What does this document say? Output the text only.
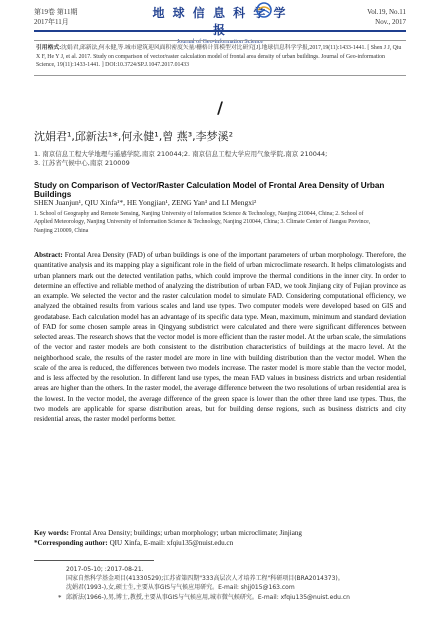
第19卷 第11期
2017年11月
地 球 信 息 科 学 学
Journal of Geo-information Science
Vol.19, No.11
Nov., 2017
引用格式:沈娟君,邱新法,何永健,等.城市建筑迎风面积密度矢量/栅格计算模型对比研究[J].地球信息科学学报,2017,19(11):1433-1441. [ Shen J J, Qiu X F, He Y J, et al. 2017. Study on comparison of vector/raster calculation model of frontal area density of urban buildings. Journal of Geo-information Science, 19(11):1433-1441. ] DOI:10.3724/SP.J.1047.2017.01433
/
沈娟君¹,邱新法¹*,何永健¹,曾 燕³,李梦溪²
1. 南京信息工程大学地理与遥感学院,南京 210044;2. 南京信息工程大学应用气象学院,南京 210044;
3. 江苏省气候中心,南京 210009
Study on Comparison of Vector/Raster Calculation Model of Frontal Area Density of Urban Buildings
SHEN Juanjun¹, QIU Xinfa¹*, HE Yongjian¹, ZENG Yan³ and LI Mengxi²
1. School of Geography and Remote Sensing, Nanjing University of Information Science & Technology, Nanjing 210044, China; 2. School of
Applied Meteorology, Nanjing University of Information Science & Technology, Nanjing 210044, China; 3. Climate Center of Jiangsu Province,
Nanjing 210009, China
Abstract: Frontal Area Density (FAD) of urban buildings is one of the important parameters of urban morphology. Therefore, the quantitative analysis and its mapping play a significant role in the field of urban microclimate research. It helps climatologists and urban planners mark out the detected ventilation paths, which could improve the thermal conditions in the inner city. In order to determine an effective and reliable method of analyzing the distribution of urban FAD, we took Jinjiang city of Fujian province as an example. We selected the vector and the raster calculation model to simulate FAD. Considering computational efficiency, we analyzed the obtained results from various scales and land use types. Two computer models were developed based on GIS and geodatabase. Each calculation model has an advantage of its specific data type. Mean, maximum, minimum and standard deviation of FAD for some chosen sample areas in Qingyang subdistrict were calculated and there were significant differences between selected areas. The research shows that the vector model is more efficient than the raster model. At the urban scale, the simulations of the vector and raster models are both consistent to the distribution characteristics of buildings at the macro level. At the neighborhood scale, the results of the raster model are more in line with building distribution than the vector model. When the scale of the area is reduced, the differences between two models increase. The raster model is more stable than the vector model, and is less affected by the resolution. In different land use types, the mean FAD values in business districts and urban residential areas are higher than the others. In the raster model, the average difference between the two resolutions of urban residential area is the lowest. In the vector model, the average difference of the green space is lower than the other three land use types. Thus, the two models are applicable for sparse distribution areas, but for building dense regions, such as business districts and city residential areas, the raster model performs better.
Key words: Frontal Area Density; buildings; urban morphology; urban microclimate; Jinjiang
*Corresponding author: QIU Xinfa, E-mail: xfqiu135@nuist.edu.cn
*
2017-05-10; :2017-08-21.
国家自然科学基金项目(41330529);江苏省第四期"333高层次人才培养工程"科研项目(BRA2014373)。
沈娟君(1993-),女,硕士生,主要从事GIS与气候应用研究。E-mail: shjj015@163.com
邱新法(1966-),男,博士,教授,主要从事GIS与气候应用,城市微气候研究。E-mail: xfqiu135@nuist.edu.cn
